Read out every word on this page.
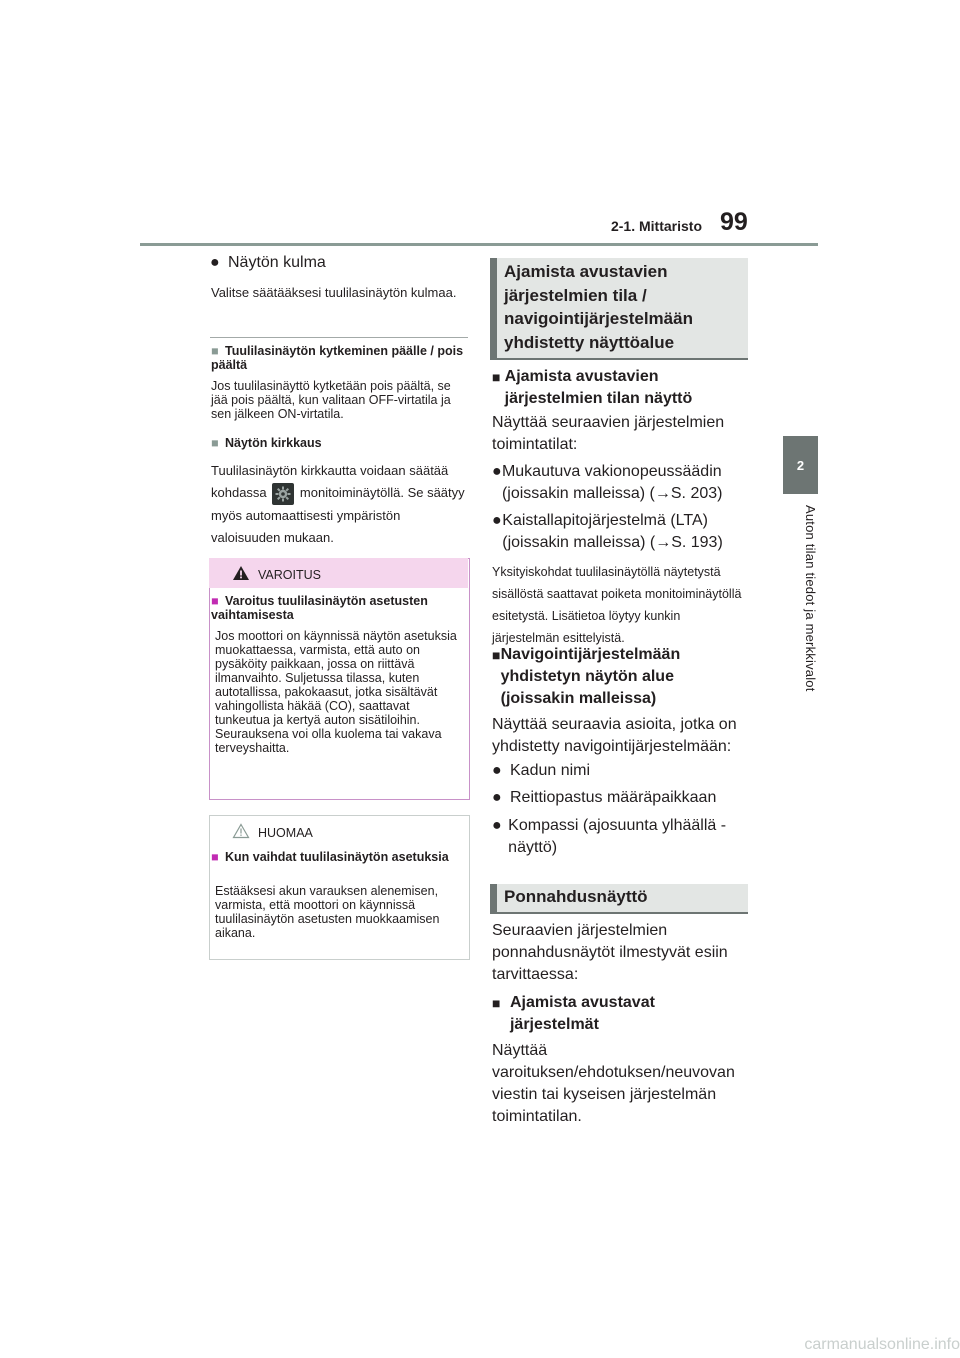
2-1. Mittaristo 99
2
Auton tilan tiedot ja merkkivalot
● Näytön kulma
Valitse säätääksesi tuulilasinäytön kulmaa.
■ Tuulilasinäytön kytkeminen päälle / pois päältä
Jos tuulilasinäyttö kytketään pois päältä, se jää pois päältä, kun valitaan OFF-virtatila ja sen jälkeen ON-virtatila.
■ Näytön kirkkaus
Tuulilasinäytön kirkkautta voidaan säätää kohdassa	monitoiminäytöllä. Se säätyy myös automaattisesti ympäristön valoisuuden mukaan.
VAROITUS
■ Varoitus tuulilasinäytön asetusten vaihtamisesta
Jos moottori on käynnissä näytön asetuksia muokattaessa, varmista, että auto on pysäköity paikkaan, jossa on riittävä ilmanvaihto. Suljetussa tilassa, kuten autotallissa, pakokaasut, jotka sisältävät vahingollista häkää (CO), saattavat tunkeutua ja kertyä auton sisätiloihin. Seurauksena voi olla kuolema tai vakava terveyshaitta.
HUOMAA
■ Kun vaihdat tuulilasinäytön asetuksia
Estääksesi akun varauksen alenemisen, varmista, että moottori on käynnissä tuulilasinäytön asetusten muokkaamisen aikana.
Ajamista avustavien järjestelmien tila / navigointijärjestelmään yhdistetty näyttöalue
■ Ajamista avustavien järjestelmien tilan näyttö
Näyttää seuraavien järjestelmien toimintatilat:
● Mukautuva vakionopeussäädin (joissakin malleissa) (→S. 203)
● Kaistallapitojärjestelmä (LTA) (joissakin malleissa) (→S. 193)
Yksityiskohdat tuulilasinäytöllä näytetystä sisällöstä saattavat poiketa monitoiminäytöllä esitetystä. Lisätietoa löytyy kunkin järjestelmän esittelyistä.
■ Navigointijärjestelmään yhdistetyn näytön alue (joissakin malleissa)
Näyttää seuraavia asioita, jotka on yhdistetty navigointijärjestelmään:
● Kadun nimi
● Reittiopastus määräpaikkaan
● Kompassi (ajosuunta ylhäällä -näyttö)
Ponnahdusnäyttö
Seuraavien järjestelmien ponnahdusnäytöt ilmestyvät esiin tarvittaessa:
■ Ajamista avustavat järjestelmät
Näyttää varoituksen/ehdotuksen/neuvovan viestin tai kyseisen järjestelmän toimintatilan.
carmanualsonline.info
